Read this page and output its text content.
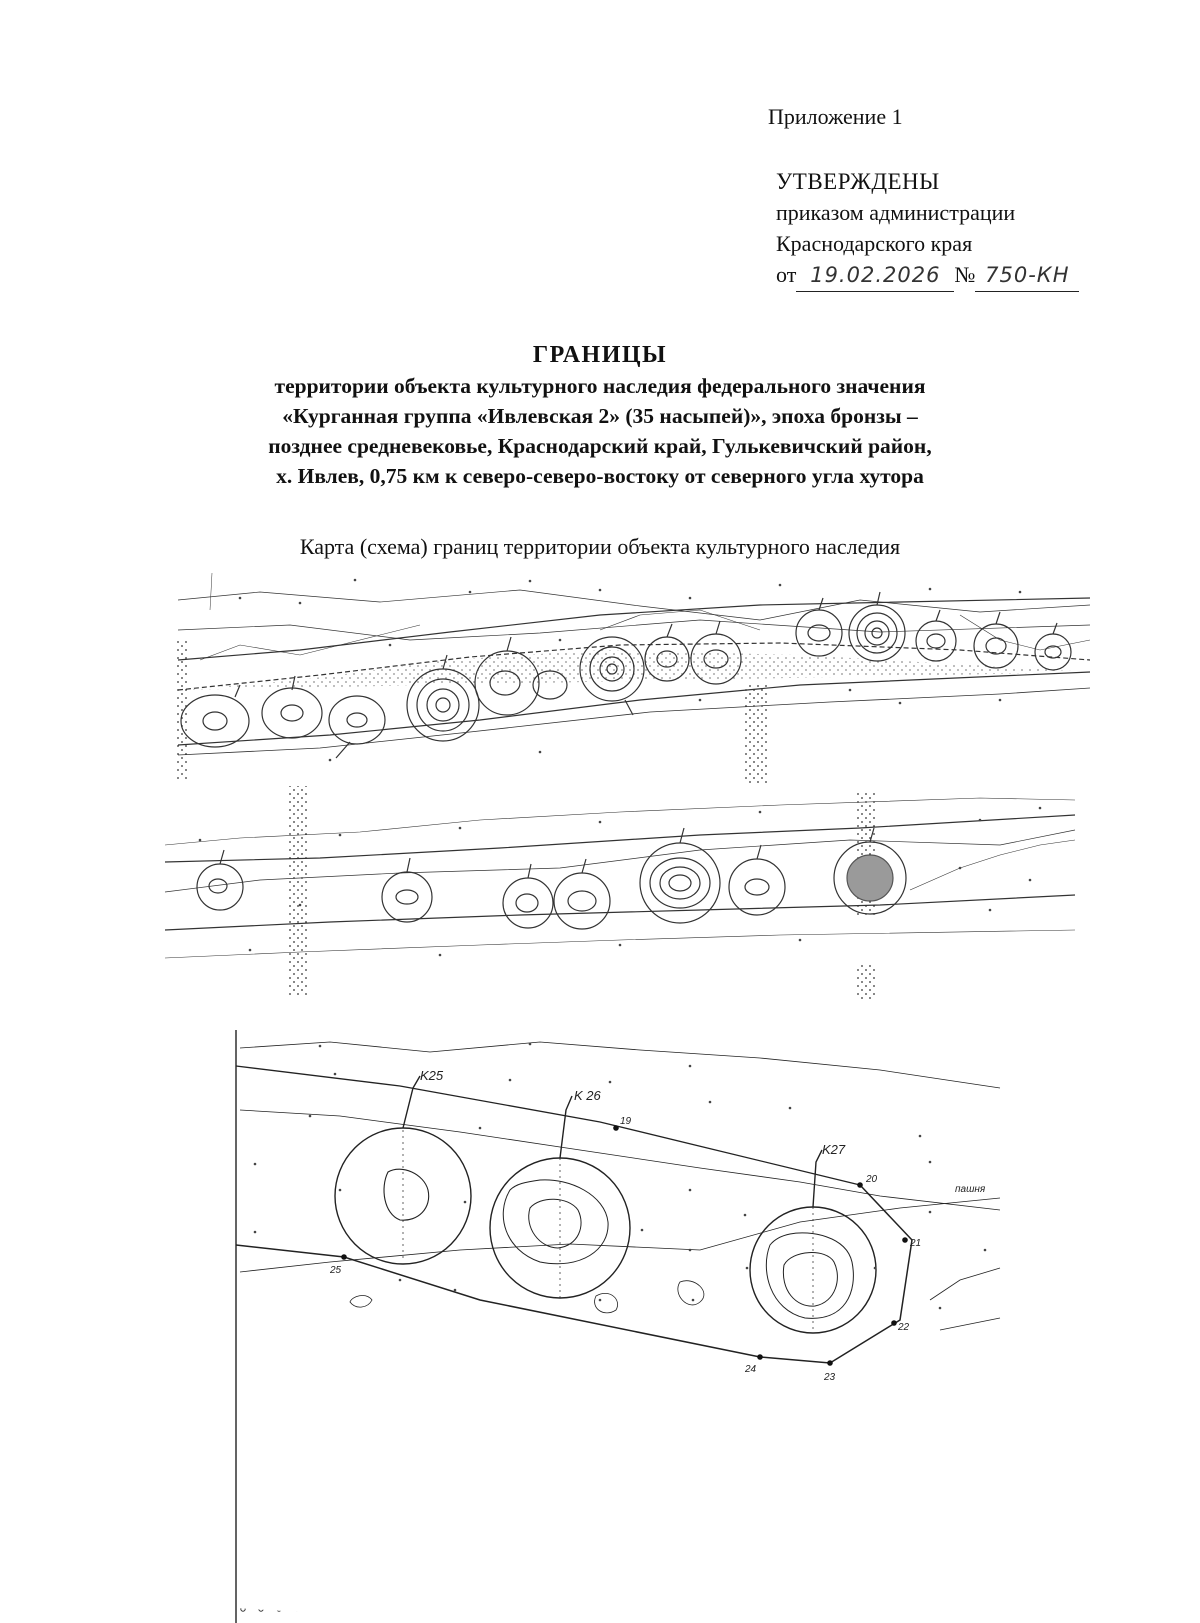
Приложение 1
УТВЕРЖДЕНЫ
приказом администрации
Краснодарского края
от 19.02.2026 № 750-КН
ГРАНИЦЫ
территории объекта культурного наследия федерального значения
«Курганная группа «Ивлевская 2» (35 насыпей)», эпоха бронзы –
позднее средневековье, Краснодарский край, Гулькевичский район,
х. Ивлев, 0,75 км к северо-северо-востоку от северного угла хутора
Карта (схема) границ территории объекта культурного наследия
K25
K 26
K27
19
20
21
22
23
24
25
пашня
